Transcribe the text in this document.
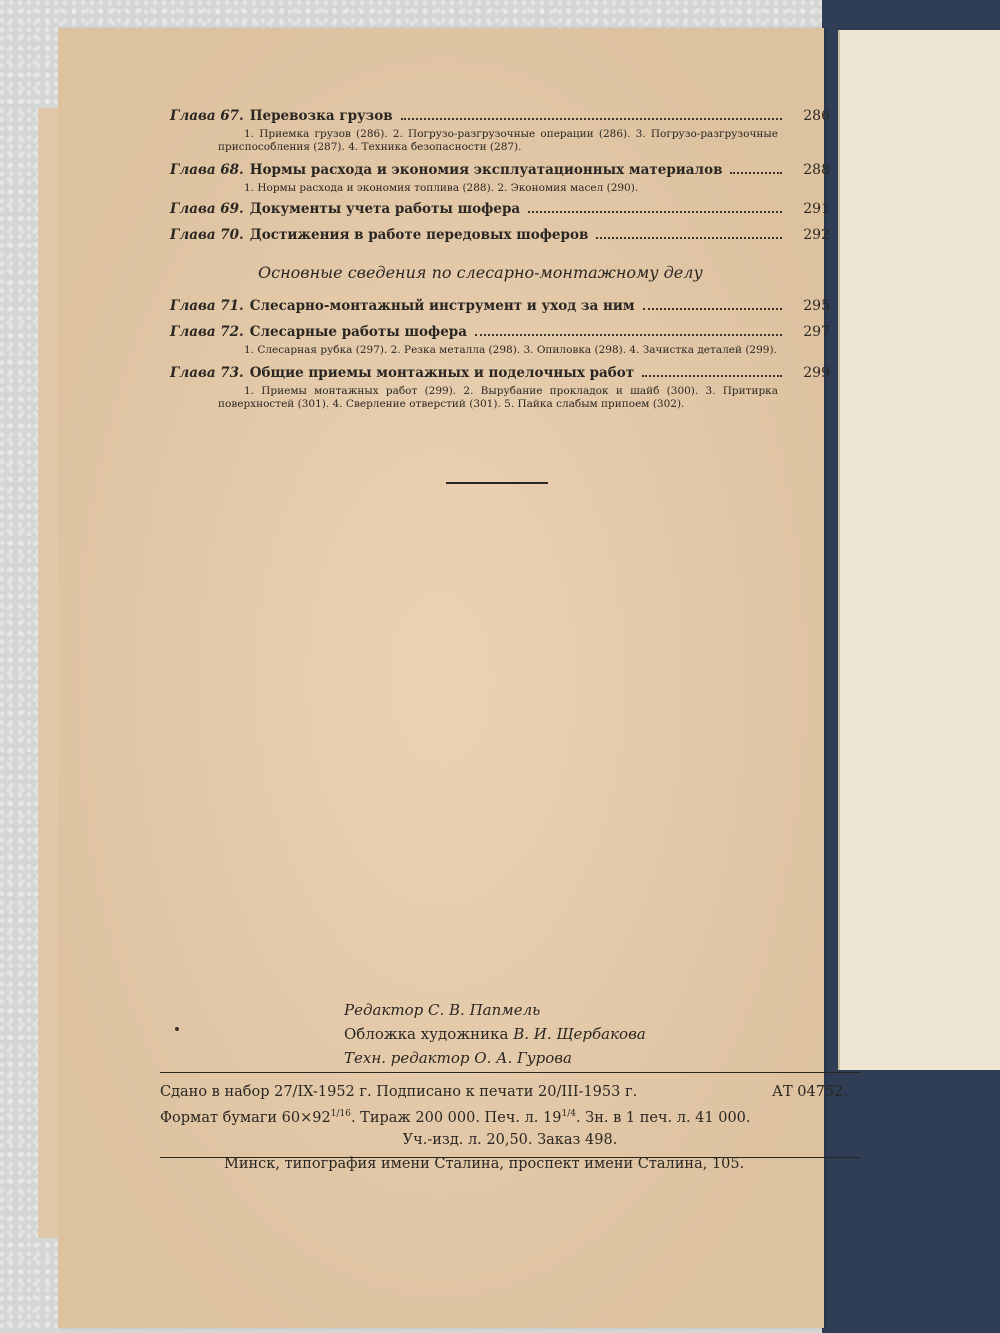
Глава 67. Перевозка грузов	286
1. Приемка грузов (286). 2. Погрузо-разгрузочные операции (286). 3. Погрузо-разгрузочные приспособления (287). 4. Техника безопасности (287).
Глава 68. Нормы расхода и экономия эксплуатационных материалов	288
1. Нормы расхода и экономия топлива (288). 2. Экономия масел (290).
Глава 69. Документы учета работы шофера	291
Глава 70. Достижения в работе передовых шоферов	292
Основные сведения по слесарно-монтажному делу
Глава 71. Слесарно-монтажный инструмент и уход за ним	295
Глава 72. Слесарные работы шофера	297
1. Слесарная рубка (297). 2. Резка металла (298). 3. Опиловка (298). 4. Зачистка деталей (299).
Глава 73. Общие приемы монтажных и поделочных работ	299
1. Приемы монтажных работ (299). 2. Вырубание прокладок и шайб (300). 3. Притирка поверхностей (301). 4. Сверление отверстий (301). 5. Пайка слабым припоем (302).
Редактор С. В. Папмель
Обложка художника В. И. Щербакова
Техн. редактор О. А. Гурова
Сдано в набор 27/IX-1952 г. Подписано к печати 20/III-1953 г.	АТ 04752.
Формат бумаги $60\times 92^{1/16}$. Тираж 200 000. Печ. л. $19^{1/4}$. Зн. в 1 печ. л. 41 000.
Уч.-изд. л. 20,50. Заказ 498.
Минск, типография имени Сталина, проспект имени Сталина, 105.
